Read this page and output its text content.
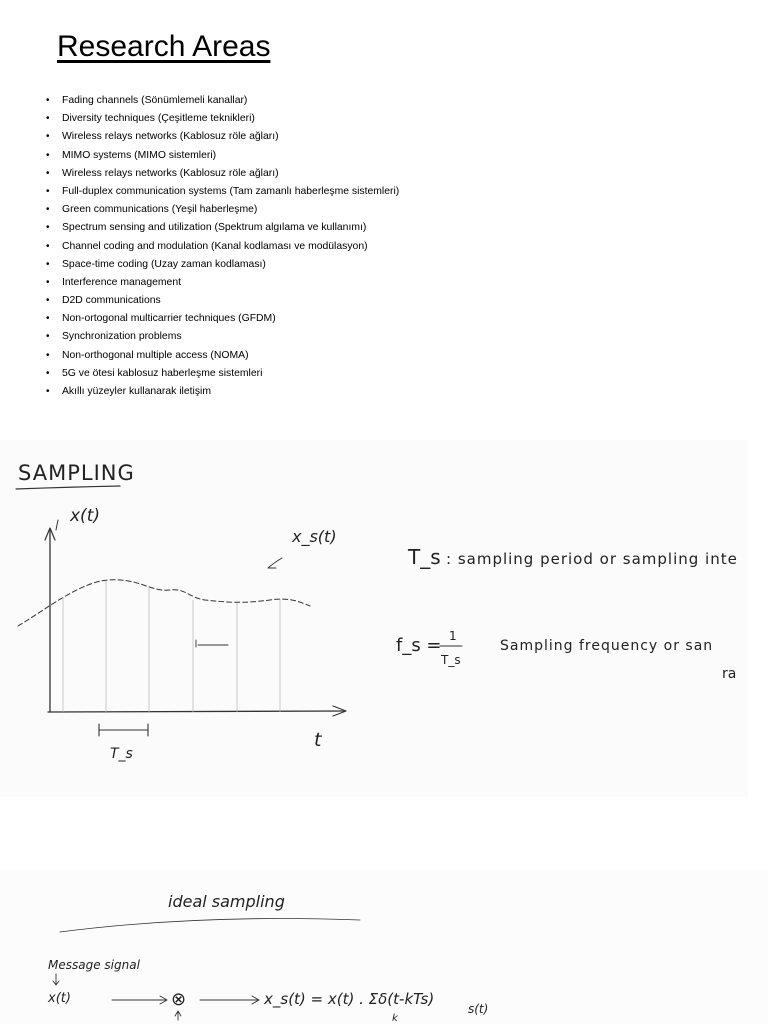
Research Areas
• Fading channels (Sönümlemeli kanallar)
• Diversity techniques (Çeşitleme teknikleri)
• Wireless relays networks (Kablosuz röle ağları)
• MIMO systems (MIMO sistemleri)
• Wireless relays networks (Kablosuz röle ağları)
• Full-duplex communication systems (Tam zamanlı haberleşme sistemleri)
• Green communications (Yeşil haberleşme)
• Spectrum sensing and utilization (Spektrum algılama ve kullanımı)
• Channel coding and modulation (Kanal kodlaması ve modülasyon)
• Space-time coding (Uzay zaman kodlaması)
• Interference management
• D2D communications
• Non-ortogonal multicarrier techniques (GFDM)
• Synchronization problems
• Non-orthogonal multiple access (NOMA)
• 5G ve ötesi kablosuz haberleşme sistemleri
• Akıllı yüzeyler kullanarak iletişim
SAMPLING
x(t)
x_s(t)
t
T_s
T_s : sampling period or sampling inte
f_s = 1
T_s
Sampling frequency or san
ra
ideal sampling
Message signal
x(t)	⊗	x_s(t) = x(t) . Σδ(t-kTs)
k
s(t)
